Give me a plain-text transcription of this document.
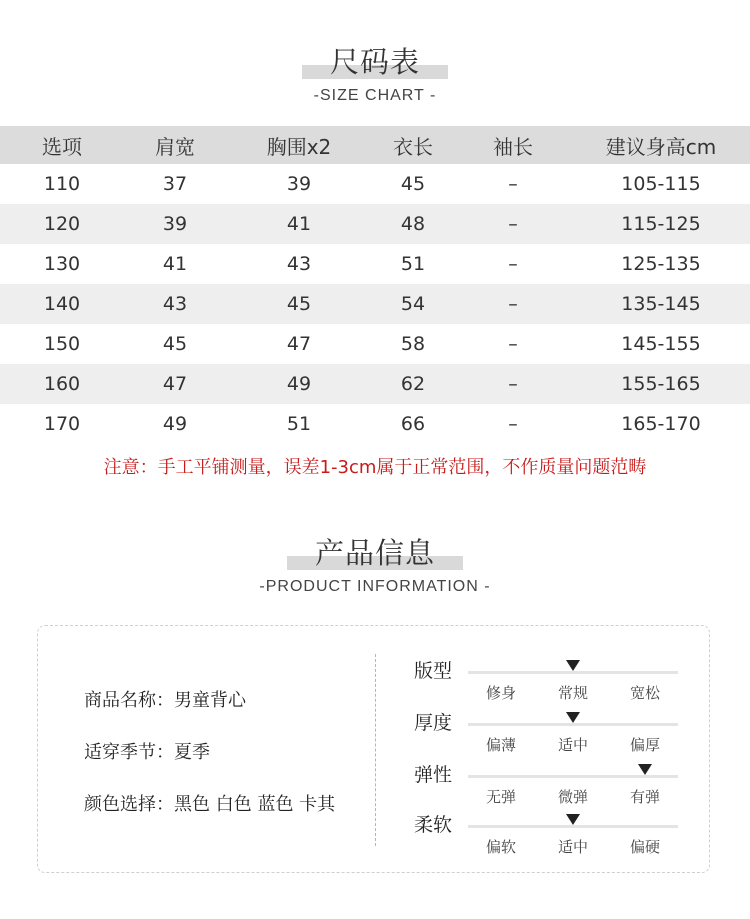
尺码表
-SIZE CHART -
选项	肩宽	胸围x2	衣长	袖长	建议身高cm
110	37	39	45	–	105-115
120	39	41	48	–	115-125
130	41	43	51	–	125-135
140	43	45	54	–	135-145
150	45	47	58	–	145-155
160	47	49	62	–	155-165
170	49	51	66	–	165-170
注意：手工平铺测量，误差1-3cm属于正常范围，不作质量问题范畴
产品信息
-PRODUCT INFORMATION -
商品名称：男童背心
适穿季节：夏季
颜色选择：黑色 白色 蓝色 卡其
版型
修身	常规	宽松
厚度
偏薄	适中	偏厚
弹性
无弹	微弹	有弹
柔软
偏软	适中	偏硬
